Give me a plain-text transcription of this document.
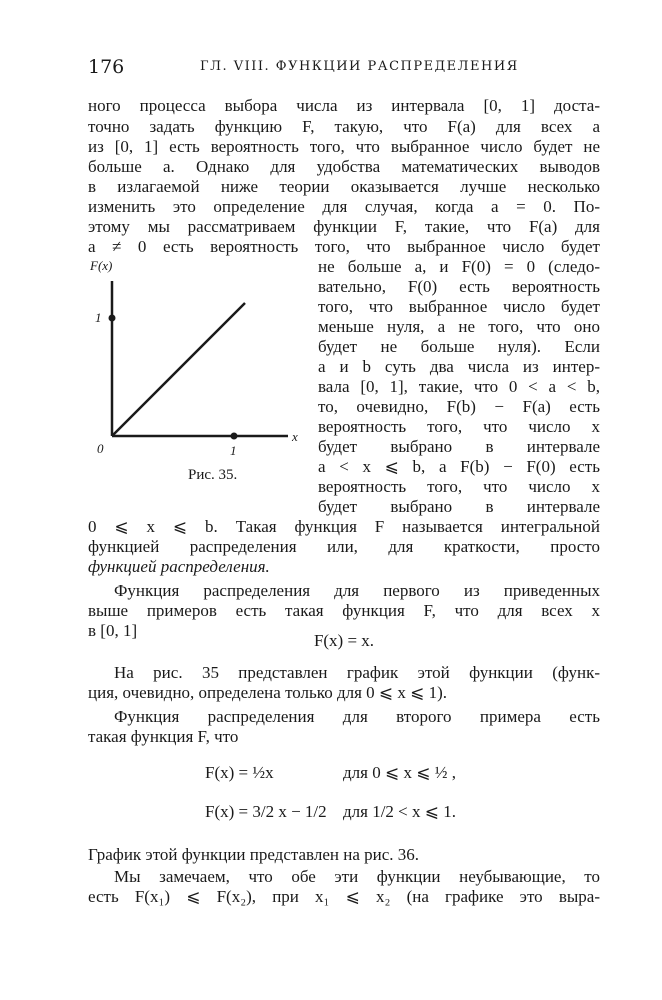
176	ГЛ. VIII. ФУНКЦИИ РАСПРЕДЕЛЕНИЯ
ного процесса выбора числа из интервала [0, 1] доста-
точно задать функцию F, такую, что F(a) для всех a
из [0, 1] есть вероятность того, что выбранное число будет не
больше a. Однако для удобства математических выводов
в излагаемой ниже теории оказывается лучше несколько
изменить это определение для случая, когда a = 0. По-
этому мы рассматриваем функции F, такие, что F(a) для
a ≠ 0 есть вероятность того, что выбранное число будет
F(x)
x
0	1
1
Рис. 35.
не больше a, и F(0) = 0 (следо-
вательно, F(0) есть вероятность
того, что выбранное число будет
меньше нуля, а не того, что оно
будет не больше нуля). Если
a и b суть два числа из интер-
вала [0, 1], такие, что 0 < a < b,
то, очевидно, F(b) − F(a) есть
вероятность того, что число x
будет выбрано в интервале
a < x ⩽ b, а F(b) − F(0) есть
вероятность того, что число x
будет выбрано в интервале
0 ⩽ x ⩽ b. Такая функция F называется интегральной
функцией распределения или, для краткости, просто
функцией распределения.
Функция распределения для первого из приведенных
выше примеров есть такая функция F, что для всех x
в [0, 1]
F(x) = x.
На рис. 35 представлен график этой функции (функ-
ция, очевидно, определена только для 0 ⩽ x ⩽ 1).
Функция распределения для второго примера есть
такая функция F, что
F(x) = ½x	для 0 ⩽ x ⩽ ½ ,
F(x) = 3/2 x − 1/2 для 1/2 < x ⩽ 1.
График этой функции представлен на рис. 36.
Мы замечаем, что обе эти функции неубывающие, то
есть F(x₁) ⩽ F(x₂), при x₁ ⩽ x₂ (на графике это выра-
